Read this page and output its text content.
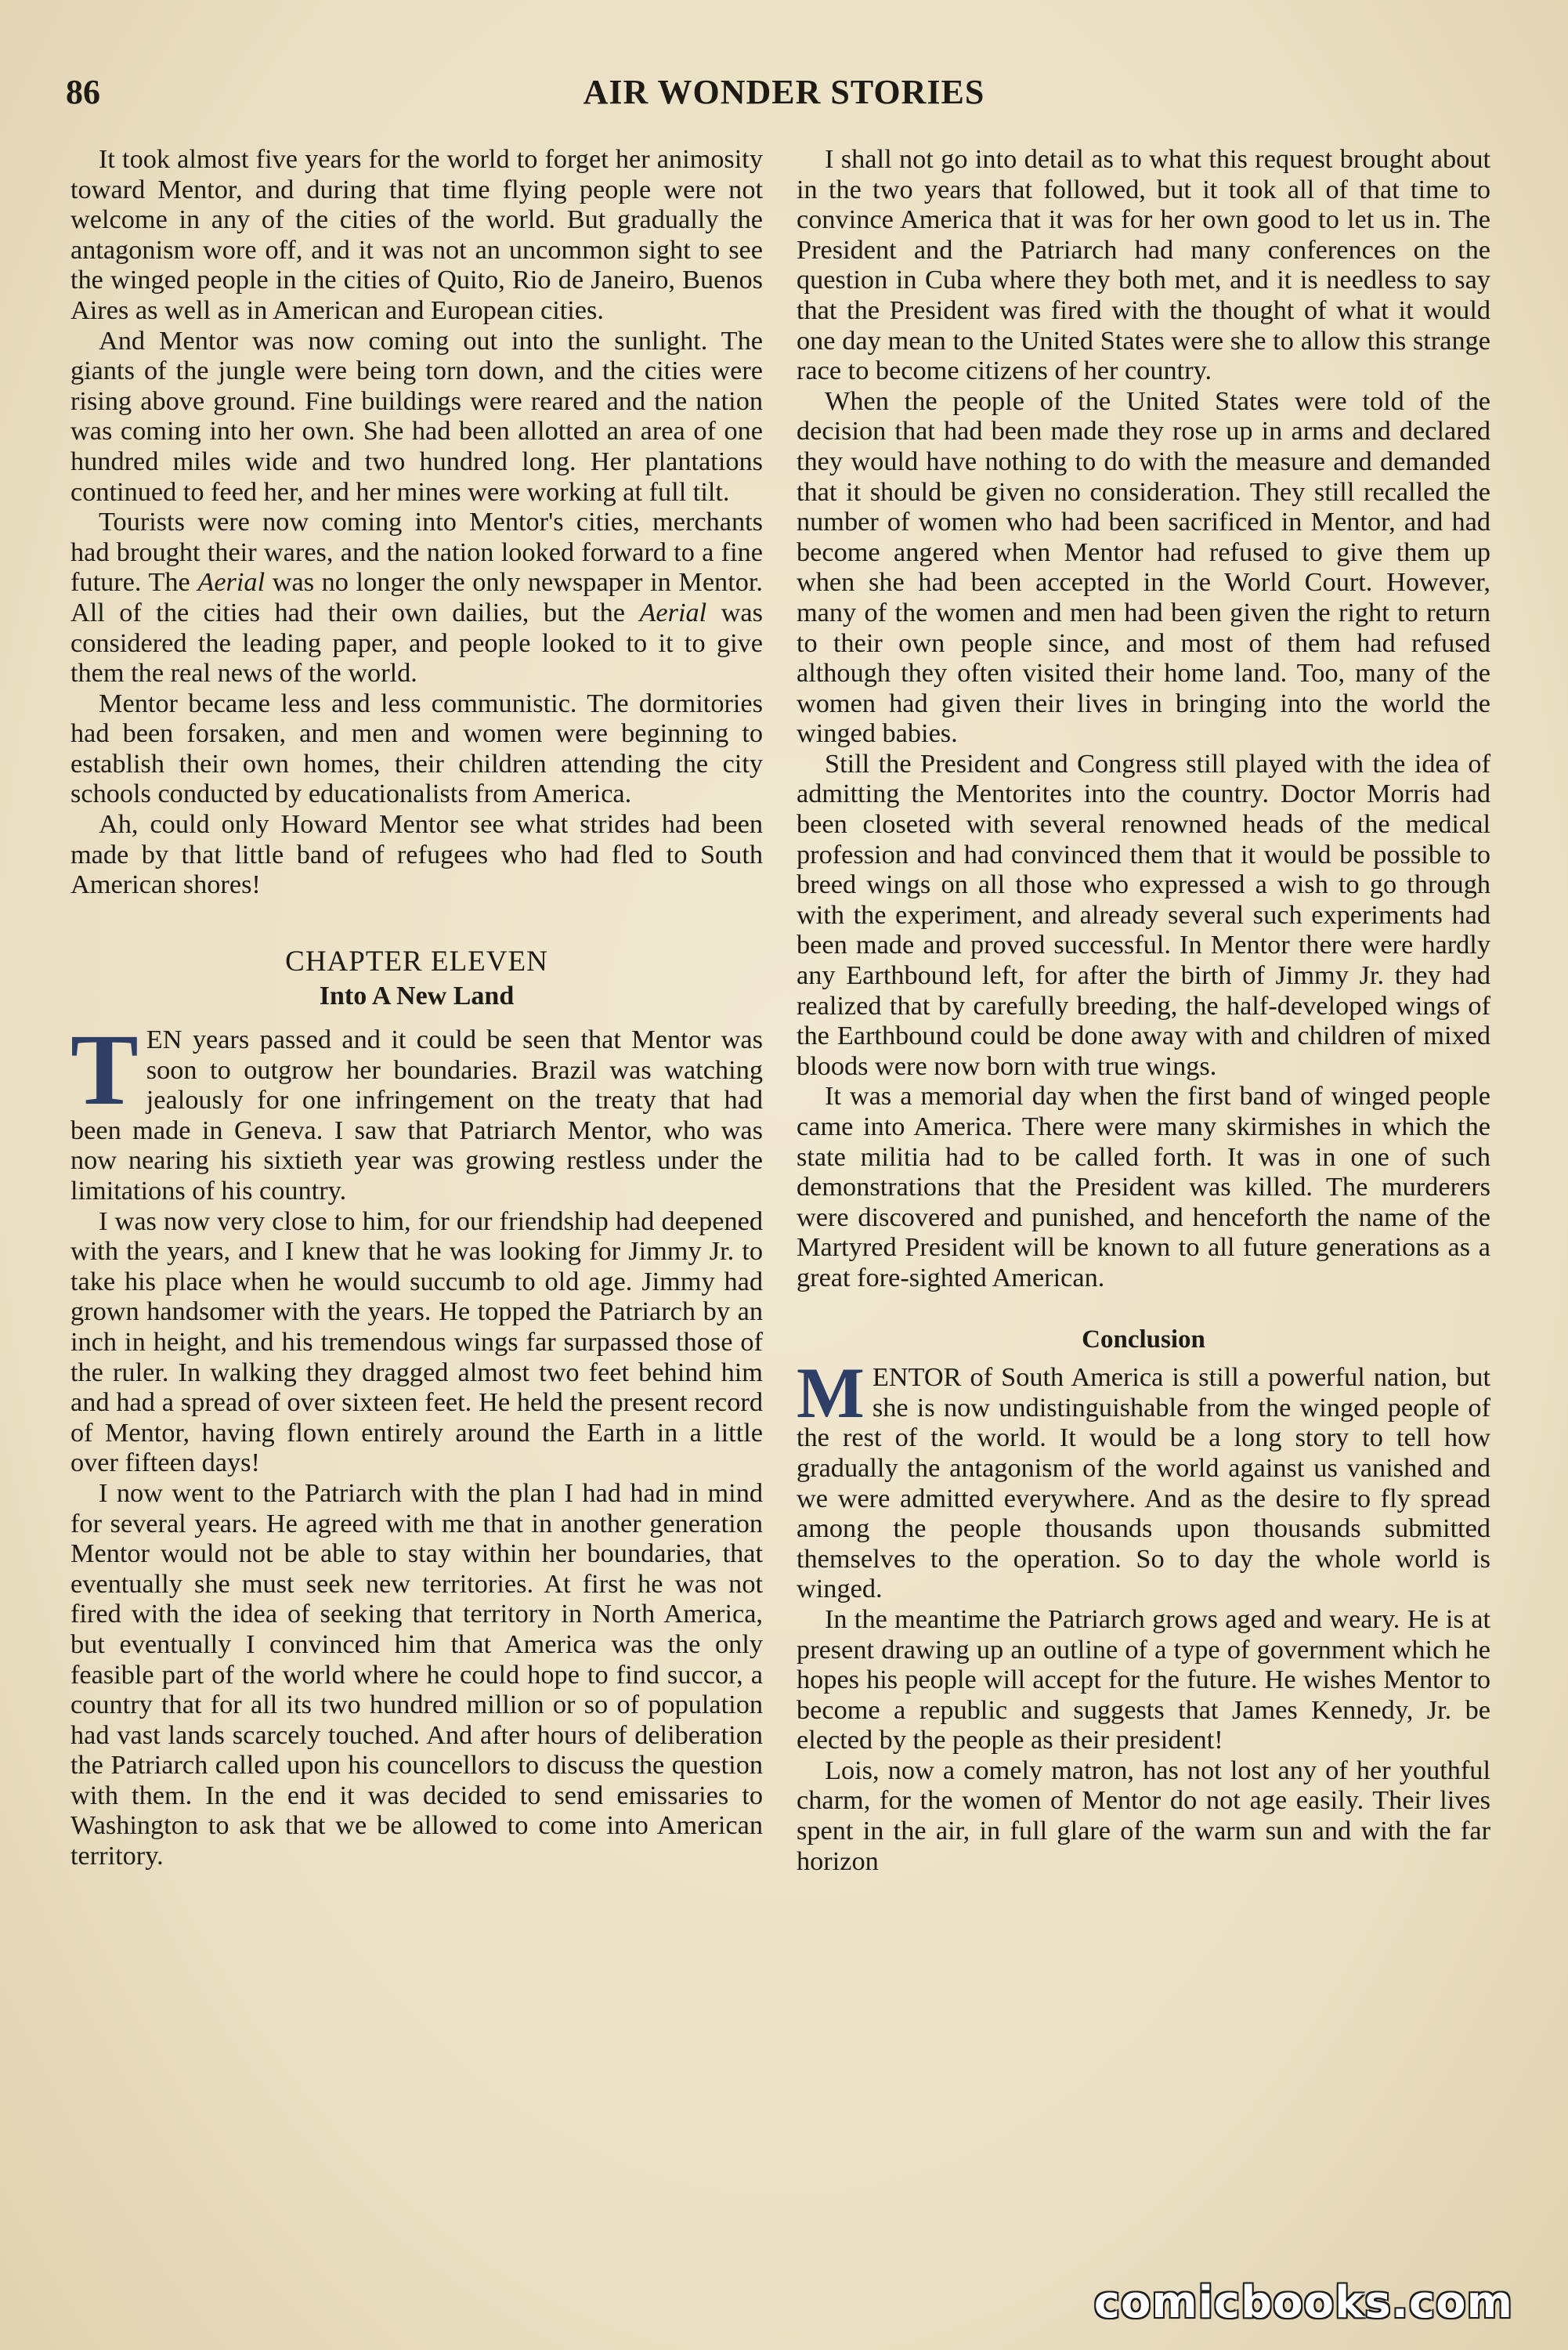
86	AIR WONDER STORIES

It took almost five years for the world to forget her animosity toward Mentor, and during that time flying people were not welcome in any of the cities of the world. But gradually the antagonism wore off, and it was not an uncommon sight to see the winged people in the cities of Quito, Rio de Janeiro, Buenos Aires as well as in American and European cities.

And Mentor was now coming out into the sunlight. The giants of the jungle were being torn down, and the cities were rising above ground. Fine buildings were reared and the nation was coming into her own. She had been allotted an area of one hundred miles wide and two hundred long. Her plantations continued to feed her, and her mines were working at full tilt.

Tourists were now coming into Mentor's cities, merchants had brought their wares, and the nation looked forward to a fine future. The Aerial was no longer the only newspaper in Mentor. All of the cities had their own dailies, but the Aerial was considered the leading paper, and people looked to it to give them the real news of the world.

Mentor became less and less communistic. The dormitories had been forsaken, and men and women were beginning to establish their own homes, their children attending the city schools conducted by educationalists from America.

Ah, could only Howard Mentor see what strides had been made by that little band of refugees who had fled to South American shores!

CHAPTER ELEVEN
Into A New Land

TEN years passed and it could be seen that Mentor was soon to outgrow her boundaries. Brazil was watching jealously for one infringement on the treaty that had been made in Geneva. I saw that Patriarch Mentor, who was now nearing his sixtieth year was growing restless under the limitations of his country.

I was now very close to him, for our friendship had deepened with the years, and I knew that he was looking for Jimmy Jr. to take his place when he would succumb to old age. Jimmy had grown handsomer with the years. He topped the Patriarch by an inch in height, and his tremendous wings far surpassed those of the ruler. In walking they dragged almost two feet behind him and had a spread of over sixteen feet. He held the present record of Mentor, having flown entirely around the Earth in a little over fifteen days!

I now went to the Patriarch with the plan I had had in mind for several years. He agreed with me that in another generation Mentor would not be able to stay within her boundaries, that eventually she must seek new territories. At first he was not fired with the idea of seeking that territory in North America, but eventually I convinced him that America was the only feasible part of the world where he could hope to find succor, a country that for all its two hundred million or so of population had vast lands scarcely touched. And after hours of deliberation the Patriarch called upon his councellors to discuss the question with them. In the end it was decided to send emissaries to Washington to ask that we be allowed to come into American territory.

I shall not go into detail as to what this request brought about in the two years that followed, but it took all of that time to convince America that it was for her own good to let us in. The President and the Patriarch had many conferences on the question in Cuba where they both met, and it is needless to say that the President was fired with the thought of what it would one day mean to the United States were she to allow this strange race to become citizens of her country.

When the people of the United States were told of the decision that had been made they rose up in arms and declared they would have nothing to do with the measure and demanded that it should be given no consideration. They still recalled the number of women who had been sacrificed in Mentor, and had become angered when Mentor had refused to give them up when she had been accepted in the World Court. However, many of the women and men had been given the right to return to their own people since, and most of them had refused although they often visited their home land. Too, many of the women had given their lives in bringing into the world the winged babies.

Still the President and Congress still played with the idea of admitting the Mentorites into the country. Doctor Morris had been closeted with several renowned heads of the medical profession and had convinced them that it would be possible to breed wings on all those who expressed a wish to go through with the experiment, and already several such experiments had been made and proved successful. In Mentor there were hardly any Earthbound left, for after the birth of Jimmy Jr. they had realized that by carefully breeding, the half-developed wings of the Earthbound could be done away with and children of mixed bloods were now born with true wings.

It was a memorial day when the first band of winged people came into America. There were many skirmishes in which the state militia had to be called forth. It was in one of such demonstrations that the President was killed. The murderers were discovered and punished, and henceforth the name of the Martyred President will be known to all future generations as a great fore-sighted American.

Conclusion

MENTOR of South America is still a powerful nation, but she is now undistinguishable from the winged people of the rest of the world. It would be a long story to tell how gradually the antagonism of the world against us vanished and we were admitted everywhere. And as the desire to fly spread among the people thousands upon thousands submitted themselves to the operation. So to day the whole world is winged.

In the meantime the Patriarch grows aged and weary. He is at present drawing up an outline of a type of government which he hopes his people will accept for the future. He wishes Mentor to become a republic and suggests that James Kennedy, Jr. be elected by the people as their president!

Lois, now a comely matron, has not lost any of her youthful charm, for the women of Mentor do not age easily. Their lives spent in the air, in full glare of the warm sun and with the far horizon

comicbooks.com
